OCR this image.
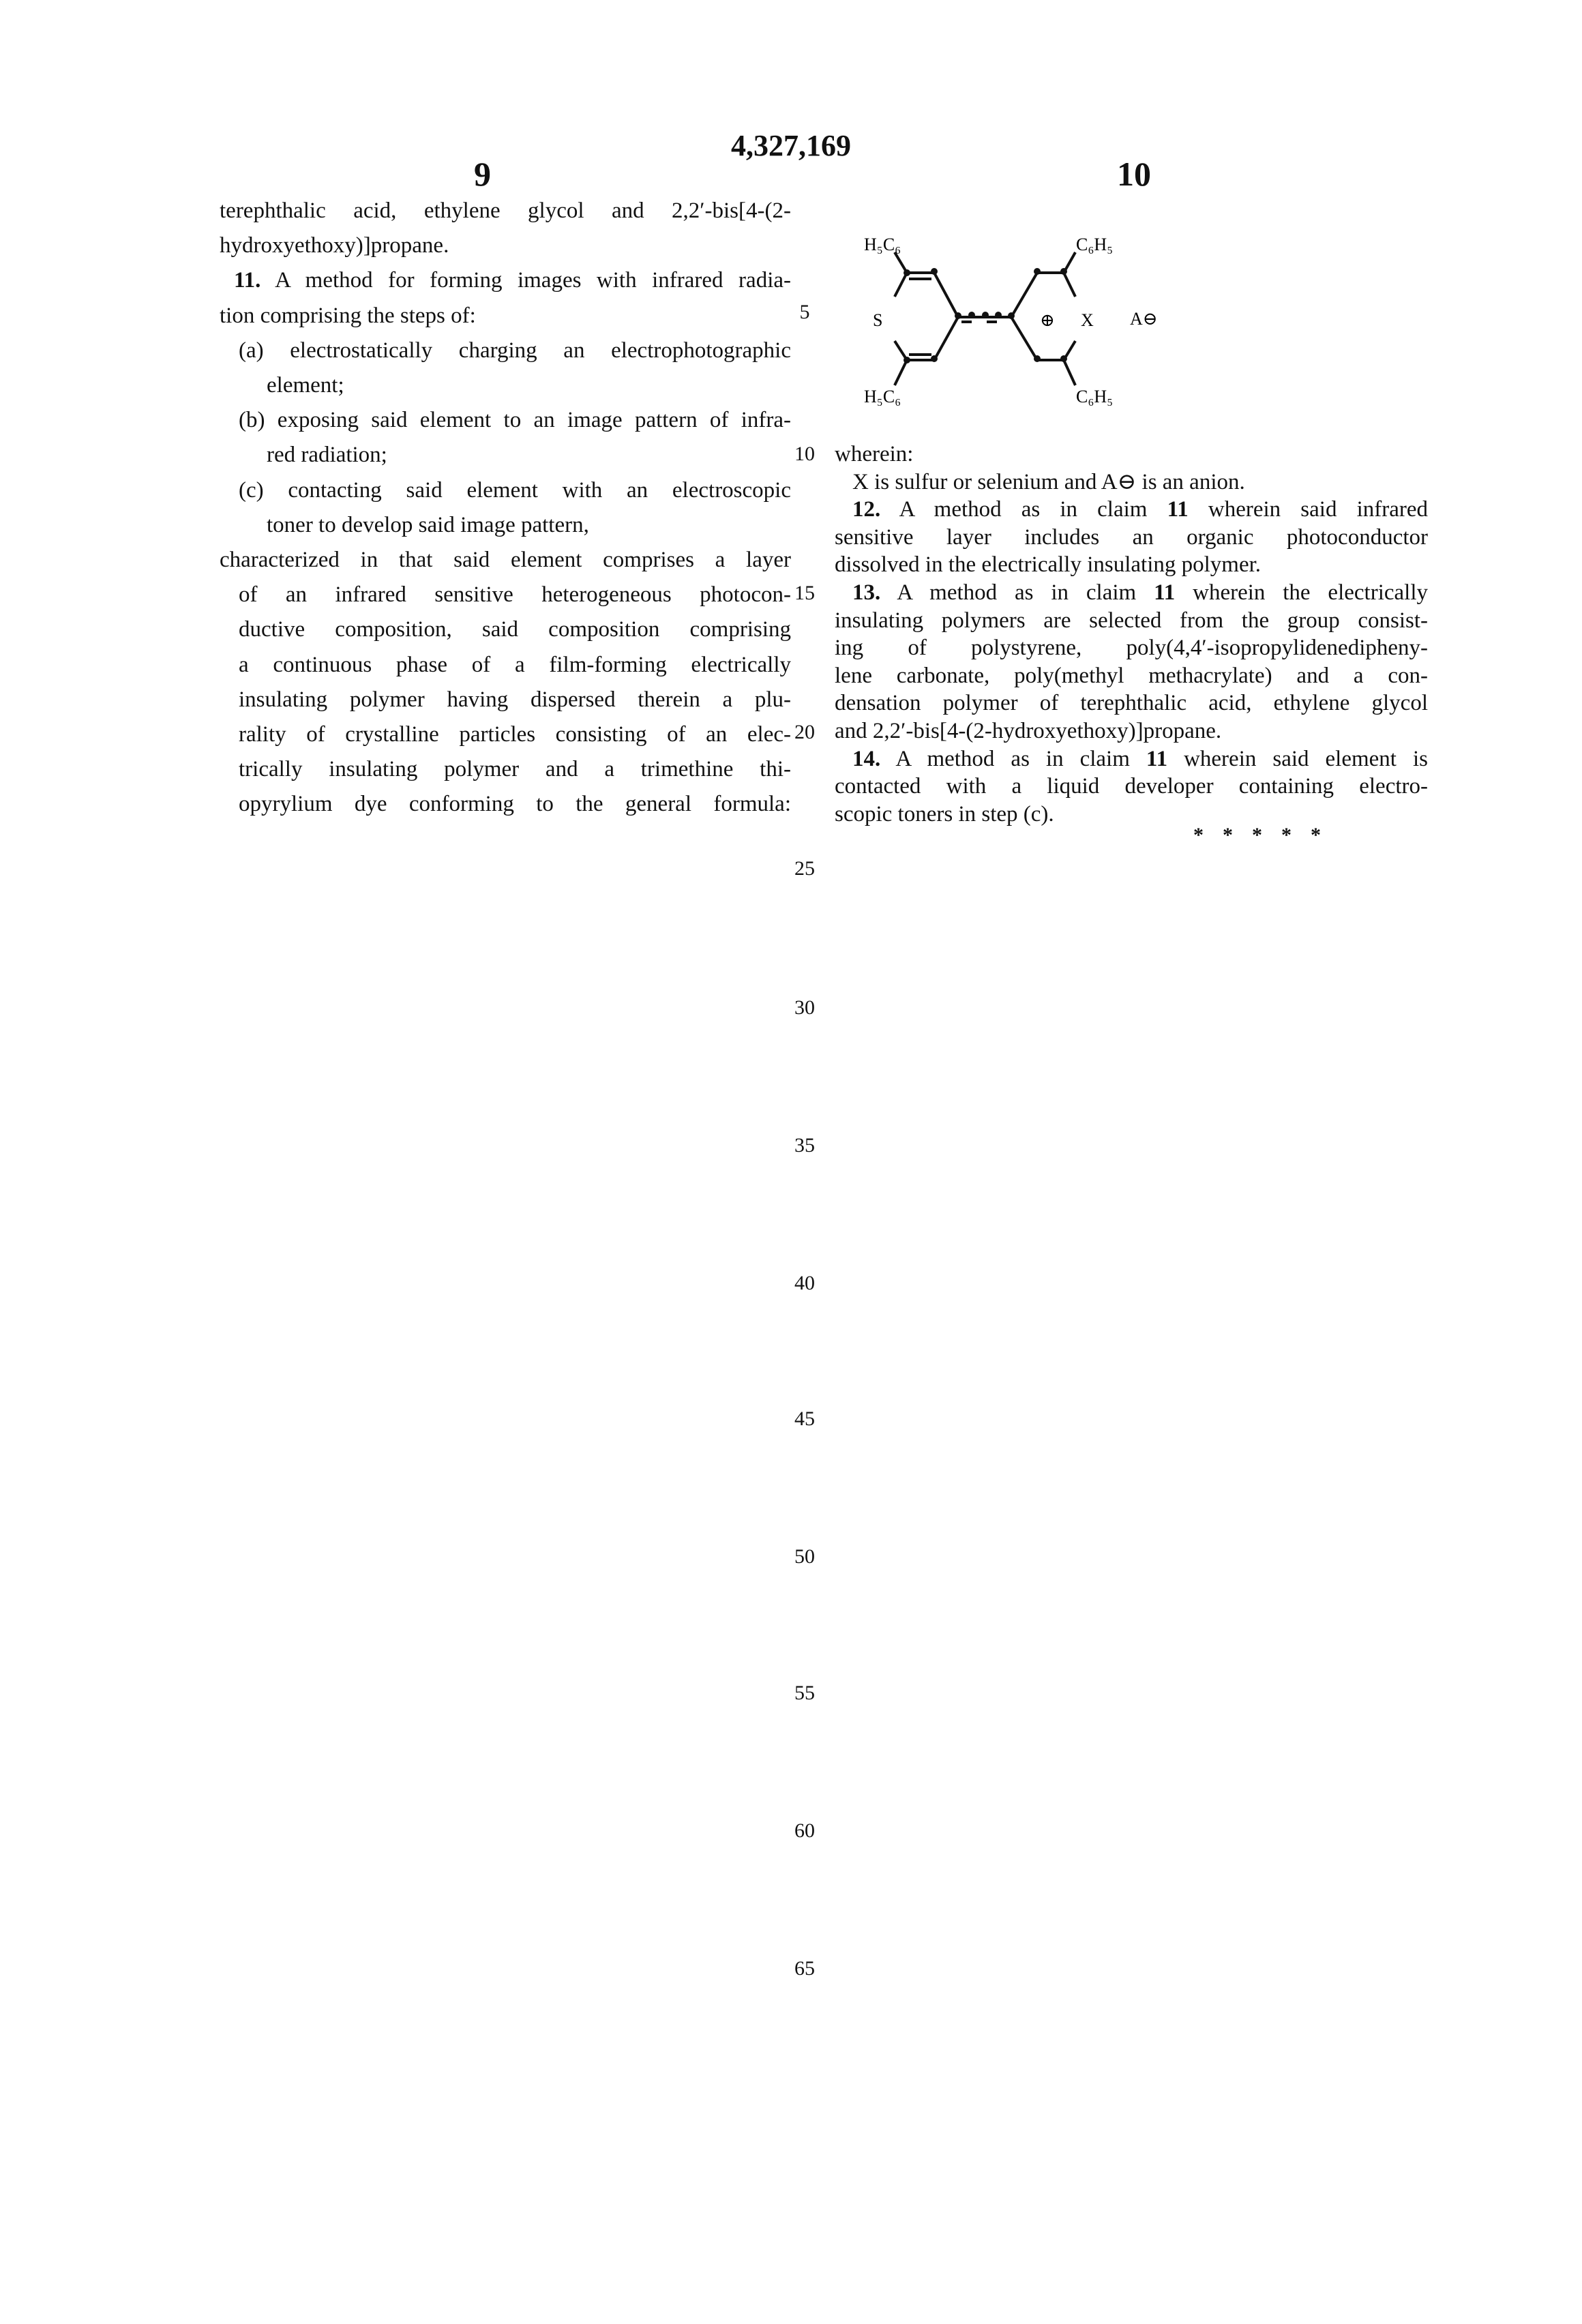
4,327,169
9	10
terephthalic acid, ethylene glycol and 2,2′-bis[4-(2-
hydroxyethoxy)]propane.
11. A method for forming images with infrared radia-
tion comprising the steps of:
(a) electrostatically charging an electrophotographic
element;
(b) exposing said element to an image pattern of infra-
red radiation;
(c) contacting said element with an electroscopic
toner to develop said image pattern,
characterized in that said element comprises a layer
of an infrared sensitive heterogeneous photocon-
ductive composition, said composition comprising
a continuous phase of a film-forming electrically
insulating polymer having dispersed therein a plu-
rality of crystalline particles consisting of an elec-
trically insulating polymer and a trimethine thi-
opyrylium dye conforming to the general formula:
wherein:
X is sulfur or selenium and A⊖ is an anion.
12. A method as in claim 11 wherein said infrared
sensitive layer includes an organic photoconductor
dissolved in the electrically insulating polymer.
13. A method as in claim 11 wherein the electrically
insulating polymers are selected from the group consist-
ing of polystyrene, poly(4,4′-isopropylidenedipheny-
lene carbonate, poly(methyl methacrylate) and a con-
densation polymer of terephthalic acid, ethylene glycol
and 2,2′-bis[4-(2-hydroxyethoxy)]propane.
14. A method as in claim 11 wherein said element is
contacted with a liquid developer containing electro-
scopic toners in step (c).
5
10
15
20
25
30
35
40
45
50
55
60
65
H₅C₆
H₅C₆
C₆H₅
C₆H₅
S	⊕ X A⊖
*****
